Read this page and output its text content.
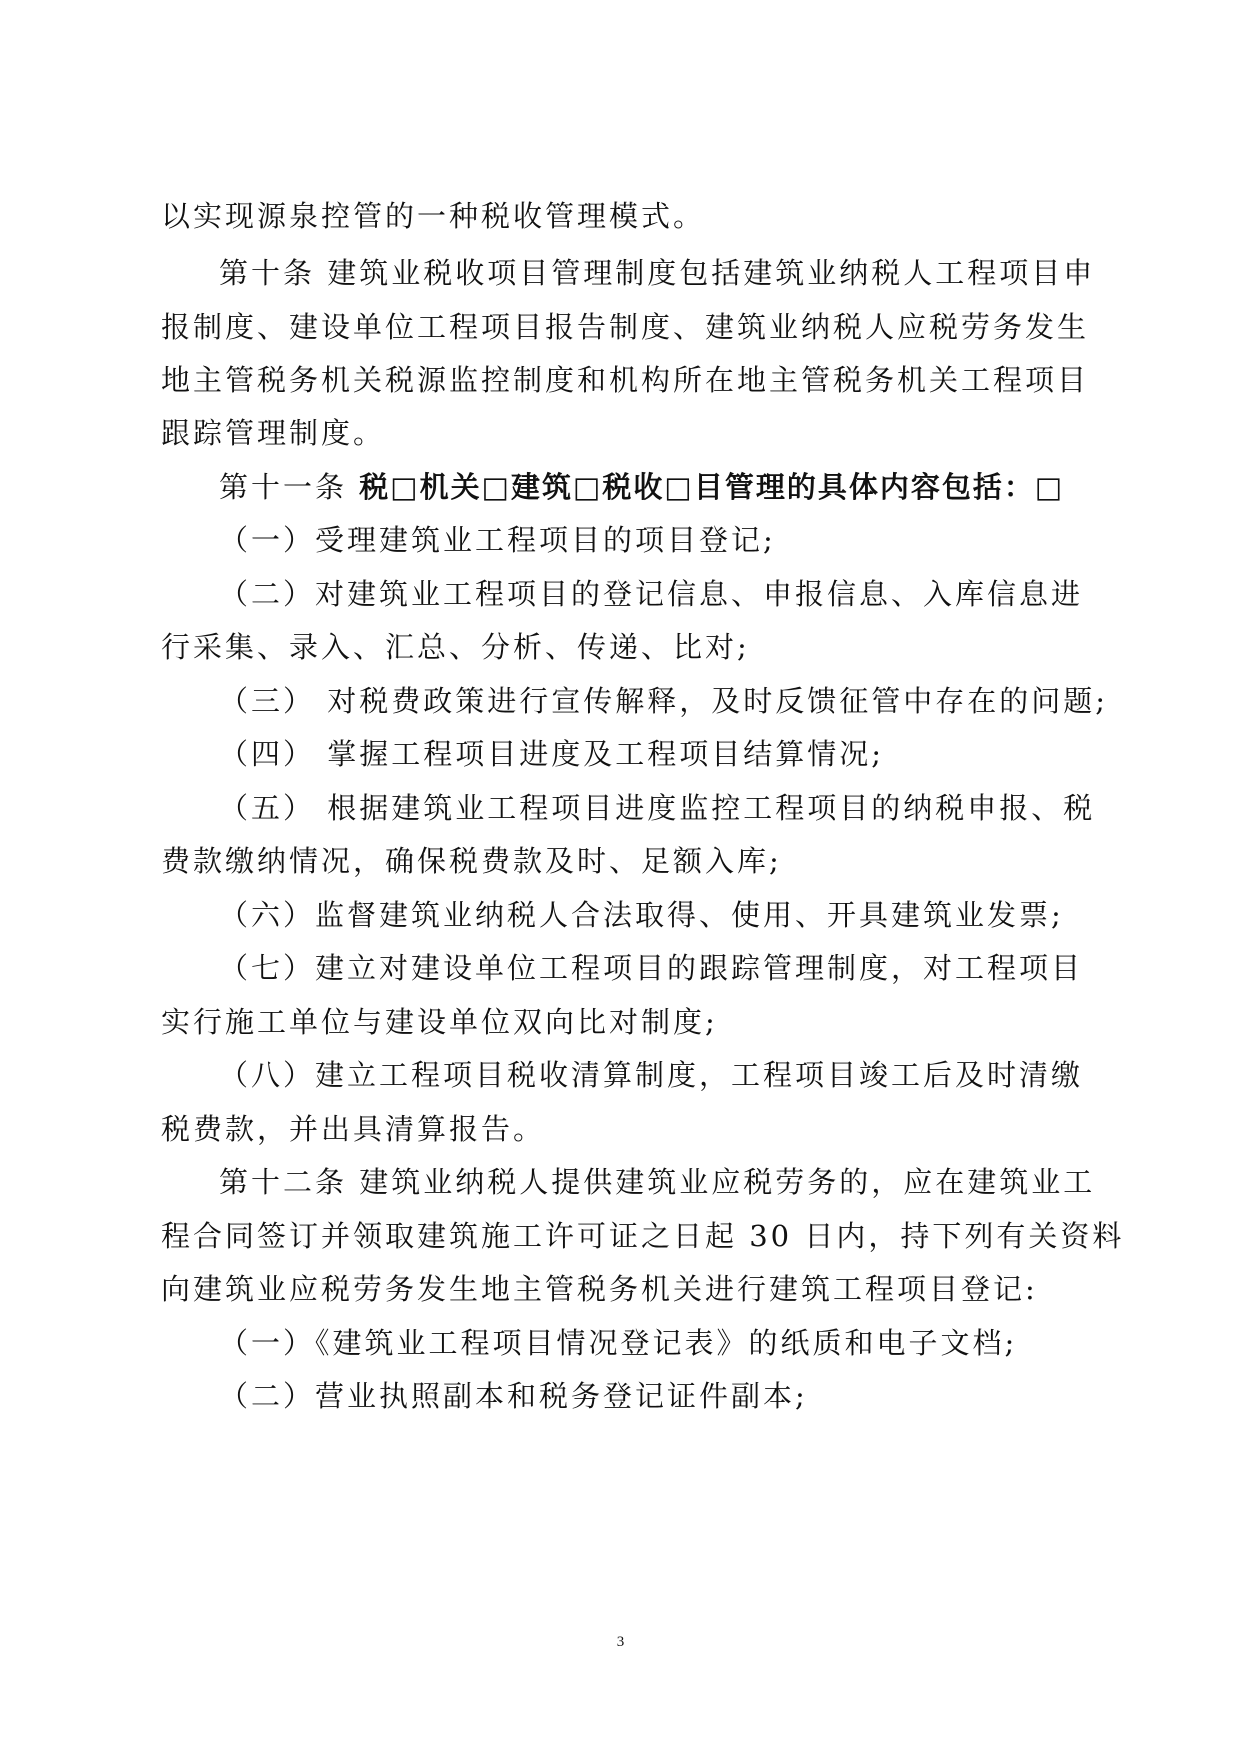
以实现源泉控管的一种税收管理模式。
第十条 建筑业税收项目管理制度包括建筑业纳税人工程项目申
报制度、建设单位工程项目报告制度、建筑业纳税人应税劳务发生
地主管税务机关税源监控制度和机构所在地主管税务机关工程项目
跟踪管理制度。
第十一条 税□机关□建筑□税收□目管理的具体内容包括：□
（一）受理建筑业工程项目的项目登记;
（二）对建筑业工程项目的登记信息、申报信息、入库信息进
行采集、录入、汇总、分析、传递、比对;
（三） 对税费政策进行宣传解释，及时反馈征管中存在的问题;
（四） 掌握工程项目进度及工程项目结算情况;
（五） 根据建筑业工程项目进度监控工程项目的纳税申报、税
费款缴纳情况，确保税费款及时、足额入库;
（六）监督建筑业纳税人合法取得、使用、开具建筑业发票;
（七）建立对建设单位工程项目的跟踪管理制度，对工程项目
实行施工单位与建设单位双向比对制度;
（八）建立工程项目税收清算制度，工程项目竣工后及时清缴
税费款，并出具清算报告。
第十二条 建筑业纳税人提供建筑业应税劳务的，应在建筑业工
程合同签订并领取建筑施工许可证之日起 30 日内，持下列有关资料
向建筑业应税劳务发生地主管税务机关进行建筑工程项目登记:
（一）《建筑业工程项目情况登记表》的纸质和电子文档;
（二）营业执照副本和税务登记证件副本;
3
